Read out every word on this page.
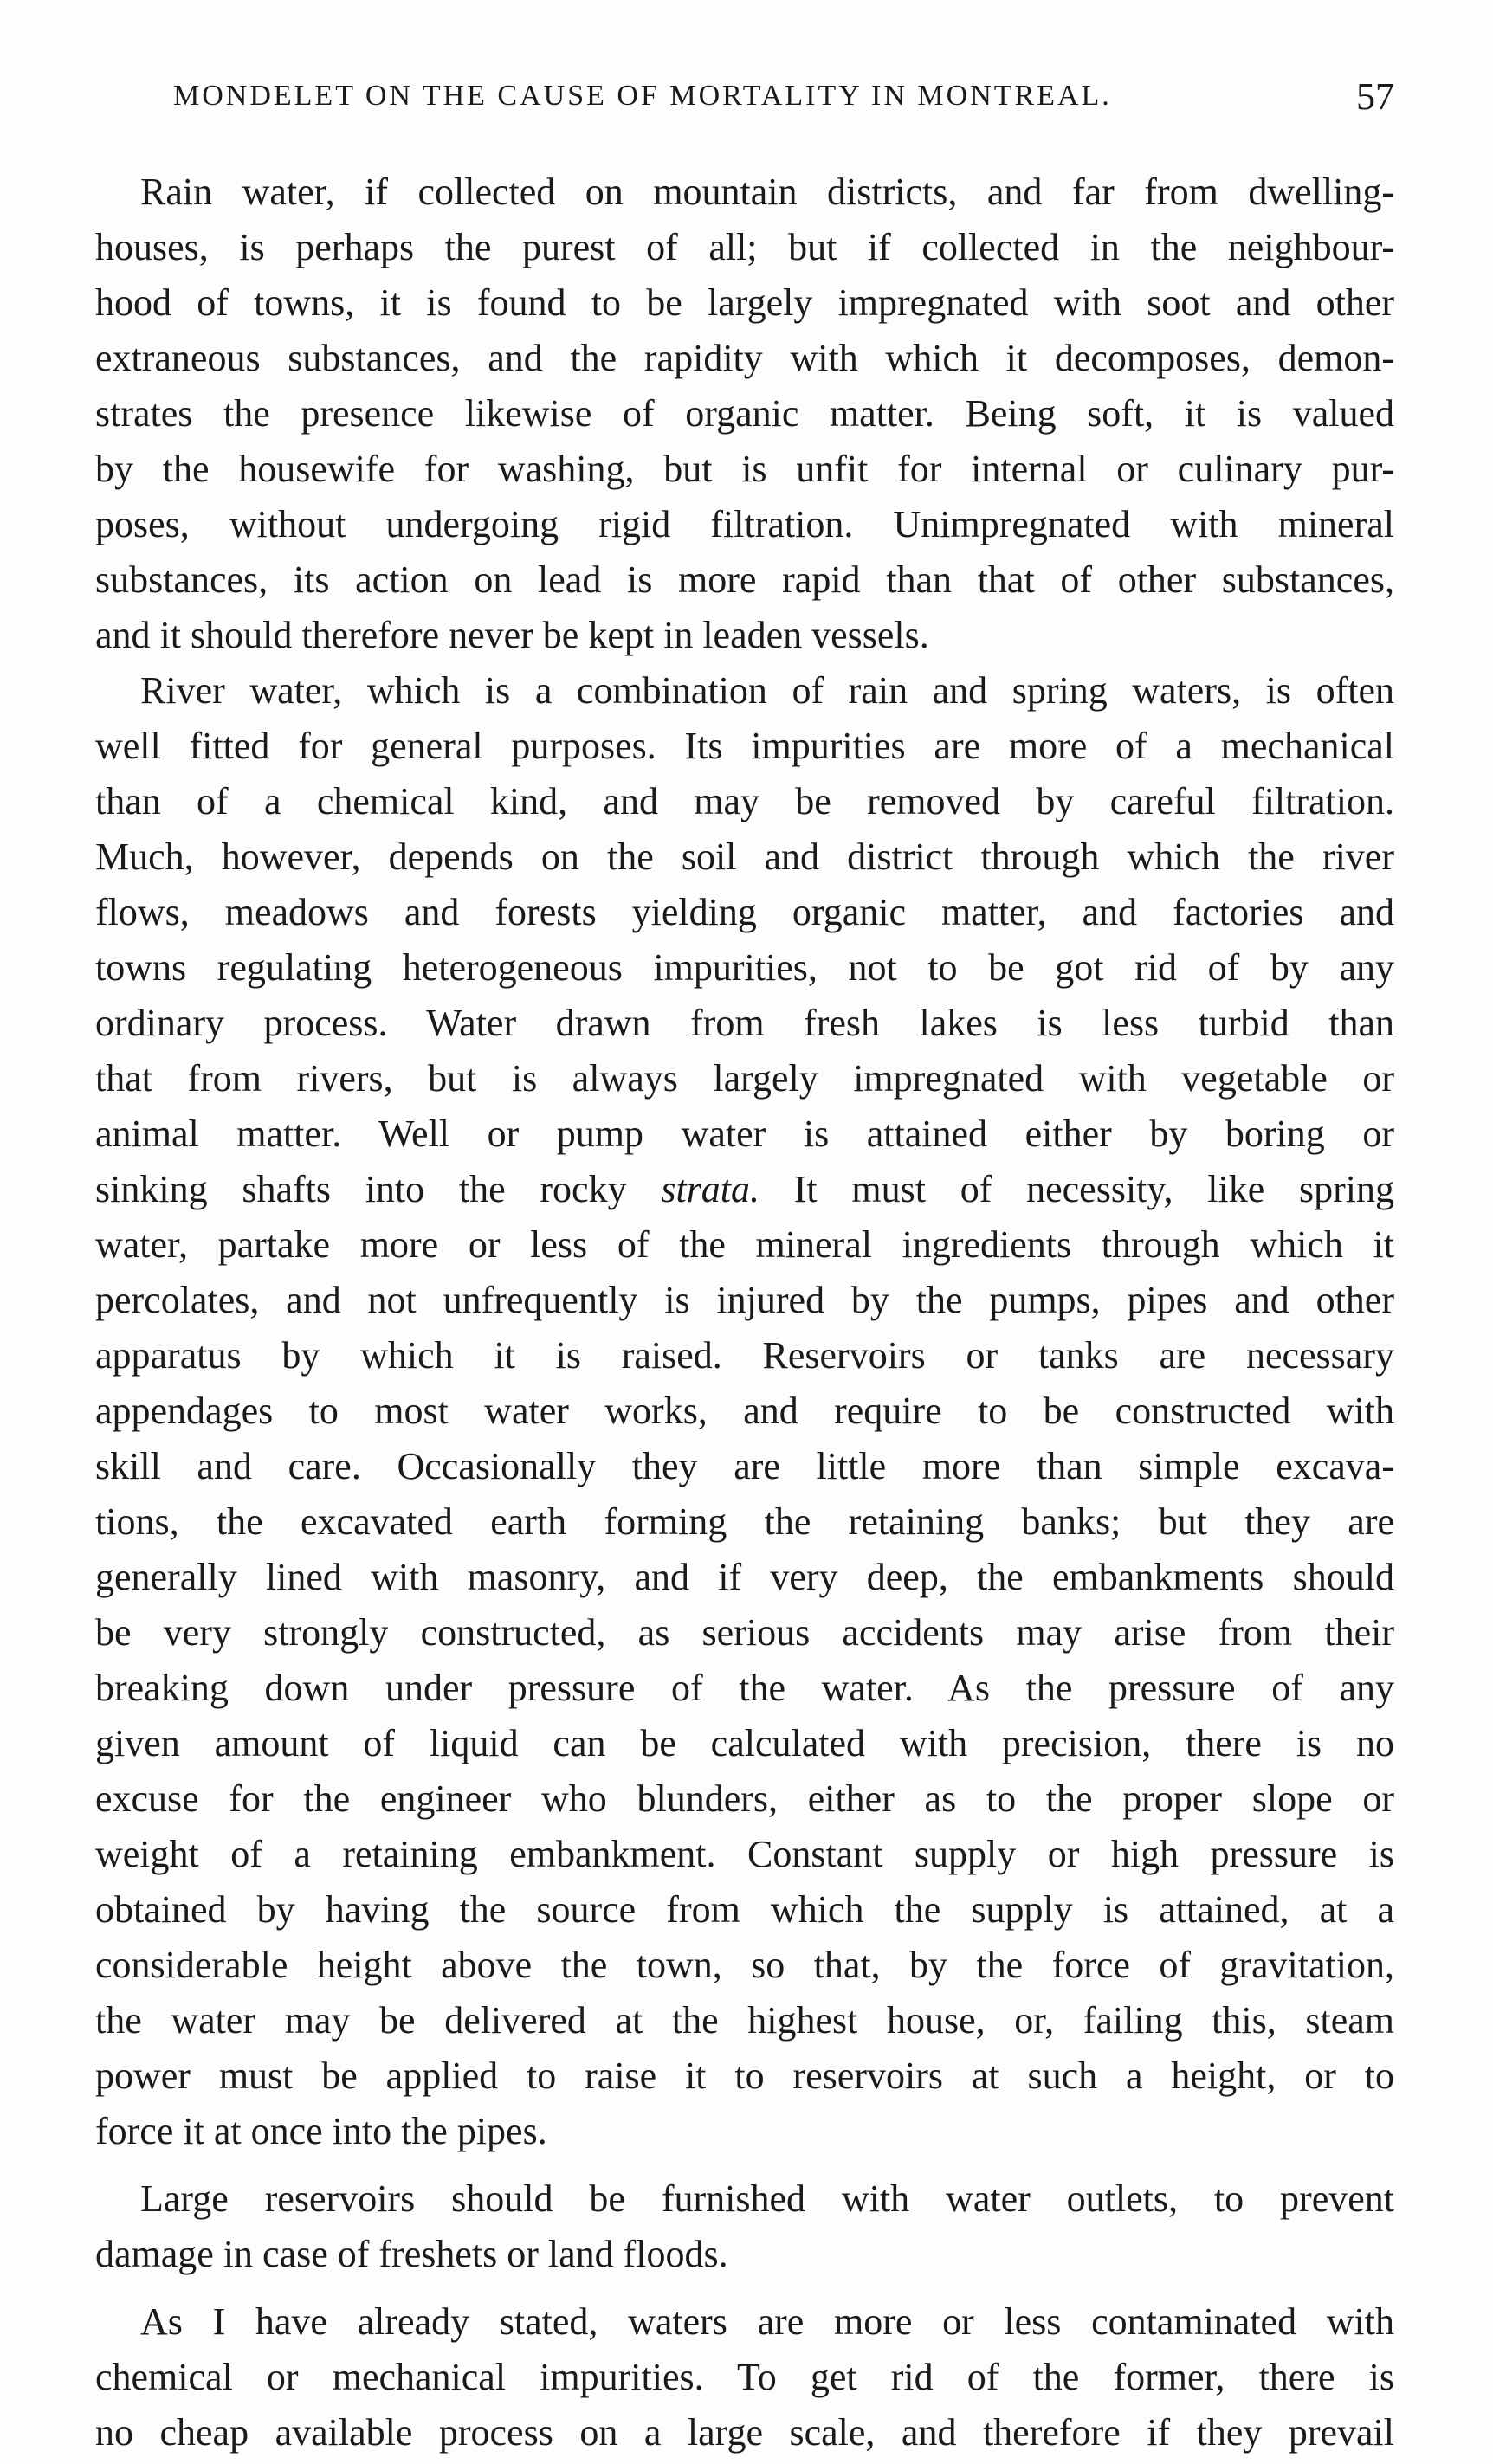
MONDELET ON THE CAUSE OF MORTALITY IN MONTREAL.	57
Rain water, if collected on mountain districts, and far from dwelling-
houses, is perhaps the purest of all; but if collected in the neighbour-
hood of towns, it is found to be largely impregnated with soot and other
extraneous substances, and the rapidity with which it decomposes, demon-
strates the presence likewise of organic matter. Being soft, it is valued
by the housewife for washing, but is unfit for internal or culinary pur-
poses, without undergoing rigid filtration. Unimpregnated with mineral
substances, its action on lead is more rapid than that of other substances,
and it should therefore never be kept in leaden vessels.
River water, which is a combination of rain and spring waters, is often
well fitted for general purposes. Its impurities are more of a mechanical
than of a chemical kind, and may be removed by careful filtration.
Much, however, depends on the soil and district through which the river
flows, meadows and forests yielding organic matter, and factories and
towns regulating heterogeneous impurities, not to be got rid of by any
ordinary process. Water drawn from fresh lakes is less turbid than
that from rivers, but is always largely impregnated with vegetable or
animal matter. Well or pump water is attained either by boring or
sinking shafts into the rocky strata. It must of necessity, like spring
water, partake more or less of the mineral ingredients through which it
percolates, and not unfrequently is injured by the pumps, pipes and other
apparatus by which it is raised. Reservoirs or tanks are necessary
appendages to most water works, and require to be constructed with
skill and care. Occasionally they are little more than simple excava-
tions, the excavated earth forming the retaining banks; but they are
generally lined with masonry, and if very deep, the embankments should
be very strongly constructed, as serious accidents may arise from their
breaking down under pressure of the water. As the pressure of any
given amount of liquid can be calculated with precision, there is no
excuse for the engineer who blunders, either as to the proper slope or
weight of a retaining embankment. Constant supply or high pressure is
obtained by having the source from which the supply is attained, at a
considerable height above the town, so that, by the force of gravitation,
the water may be delivered at the highest house, or, failing this, steam
power must be applied to raise it to reservoirs at such a height, or to
force it at once into the pipes.
Large reservoirs should be furnished with water outlets, to prevent
damage in case of freshets or land floods.
As I have already stated, waters are more or less contaminated with
chemical or mechanical impurities. To get rid of the former, there is
no cheap available process on a large scale, and therefore if they prevail
